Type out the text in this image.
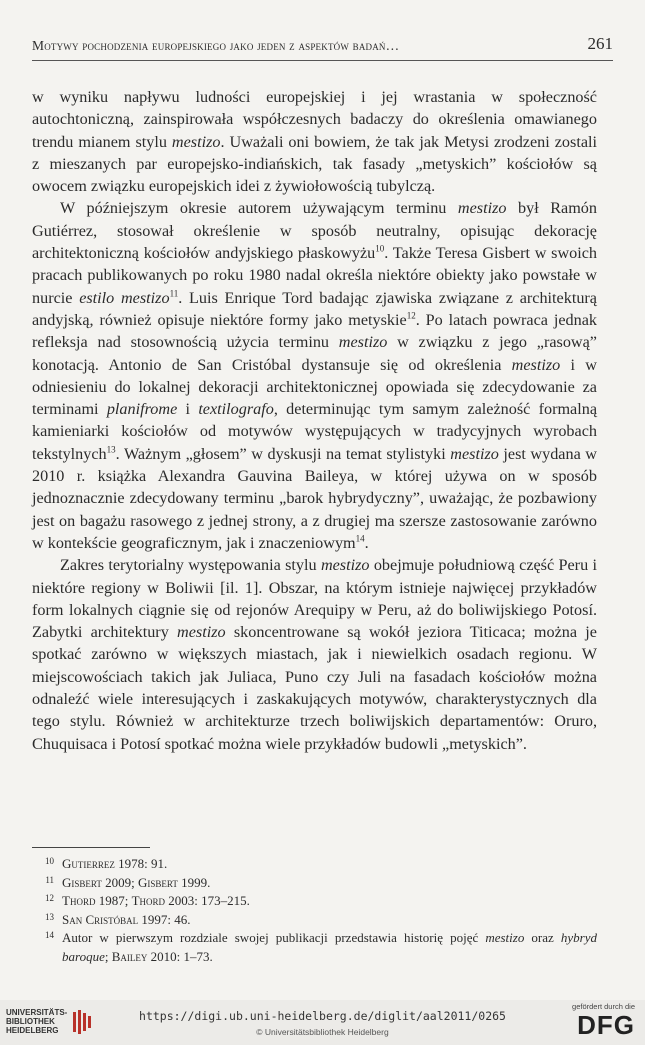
Motywy pochodzenia europejskiego jako jeden z aspektów badań…	261

w wyniku napływu ludności europejskiej i jej wrastania w społeczność autochtoniczną, zainspirowała współczesnych badaczy do określenia omawianego trendu mianem stylu mestizo. Uważali oni bowiem, że tak jak Metysi zrodzeni zostali z mieszanych par europejsko-indiańskich, tak fasady „metyskich” kościołów są owocem związku europejskich idei z żywiołowością tubylczą.

W późniejszym okresie autorem używającym terminu mestizo był Ramón Gutiérrez, stosował określenie w sposób neutralny, opisując dekorację architektoniczną kościołów andyjskiego płaskowyżu$^{10}$. Także Teresa Gisbert w swoich pracach publikowanych po roku 1980 nadal określa niektóre obiekty jako powstałe w nurcie estilo mestizo$^{11}$. Luis Enrique Tord badając zjawiska związane z architekturą andyjską, również opisuje niektóre formy jako metyskie$^{12}$. Po latach powraca jednak refleksja nad stosownością użycia terminu mestizo w związku z jego „rasową” konotacją. Antonio de San Cristóbal dystansuje się od określenia mestizo i w odniesieniu do lokalnej dekoracji architektonicznej opowiada się zdecydowanie za terminami planifrome i textilografo, determinując tym samym zależność formalną kamieniarki kościołów od motywów występujących w tradycyjnych wyrobach tekstylnych$^{13}$. Ważnym „głosem” w dyskusji na temat stylistyki mestizo jest wydana w 2010 r. książka Alexandra Gauvina Baileya, w której używa on w sposób jednoznacznie zdecydowany terminu „barok hybrydyczny”, uważając, że pozbawiony jest on bagażu rasowego z jednej strony, a z drugiej ma szersze zastosowanie zarówno w kontekście geograficznym, jak i znaczeniowym$^{14}$.

Zakres terytorialny występowania stylu mestizo obejmuje południową część Peru i niektóre regiony w Boliwii [il. 1]. Obszar, na którym istnieje najwięcej przykładów form lokalnych ciągnie się od rejonów Arequipy w Peru, aż do boliwijskiego Potosí. Zabytki architektury mestizo skoncentrowane są wokół jeziora Titicaca; można je spotkać zarówno w większych miastach, jak i niewielkich osadach regionu. W miejscowościach takich jak Juliaca, Puno czy Juli na fasadach kościołów można odnaleźć wiele interesujących i zaskakujących motywów, charakterystycznych dla tego stylu. Również w architekturze trzech boliwijskich departamentów: Oruro, Chuquisaca i Potosí spotkać można wiele przykładów budowli „metyskich”.

10 Gutierrez 1978: 91.
11 Gisbert 2009; Gisbert 1999.
12 Thord 1987; Thord 2003: 173–215.
13 San Cristóbal 1997: 46.
14 Autor w pierwszym rozdziale swojej publikacji przedstawia historię pojęć mestizo oraz hybryd baroque; Bailey 2010: 1–73.
UNIVERSITÄTS-
BIBLIOTHEK
HEIDELBERG
https://digi.ub.uni-heidelberg.de/diglit/aal2011/0265
© Universitätsbibliothek Heidelberg
gefördert durch die
DFG
